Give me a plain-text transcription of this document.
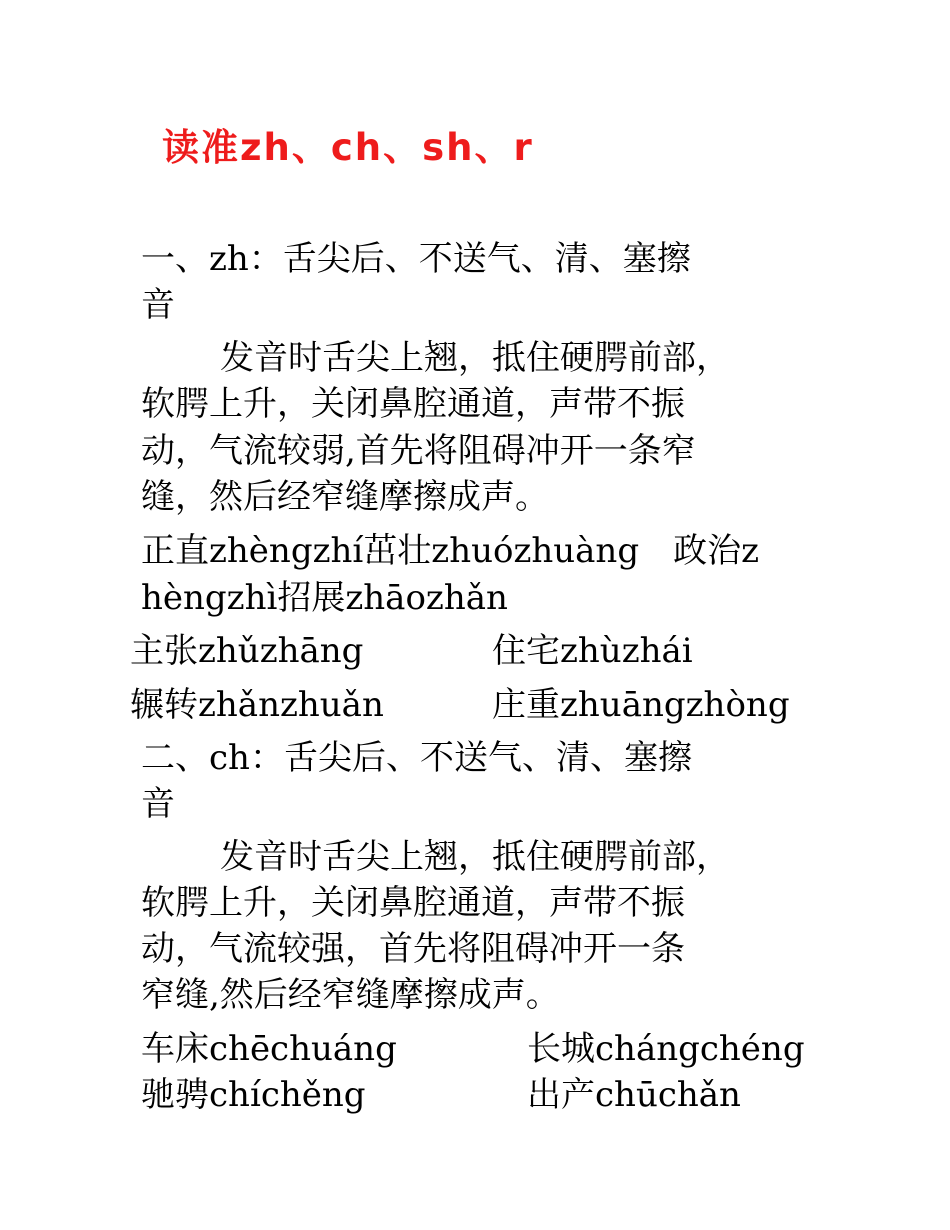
读准zh、ch、sh、r
一、zh：舌尖后、不送气、清、塞擦
音
发音时舌尖上翘，抵住硬腭前部，
软腭上升，关闭鼻腔通道，声带不振
动，气流较弱,首先将阻碍冲开一条窄
缝，然后经窄缝摩擦成声。
正直zhèngzhí茁壮zhuózhuàng　政治z
hèngzhì招展zhāozhǎn
主张zhǔzhāng	住宅zhùzhái
辗转zhǎnzhuǎn	庄重zhuāngzhòng
二、ch：舌尖后、不送气、清、塞擦
音
发音时舌尖上翘，抵住硬腭前部，
软腭上升，关闭鼻腔通道，声带不振
动，气流较强，首先将阻碍冲开一条
窄缝,然后经窄缝摩擦成声。
车床chēchuáng	长城chángchéng
驰骋chíchěng	出产chūchǎn
